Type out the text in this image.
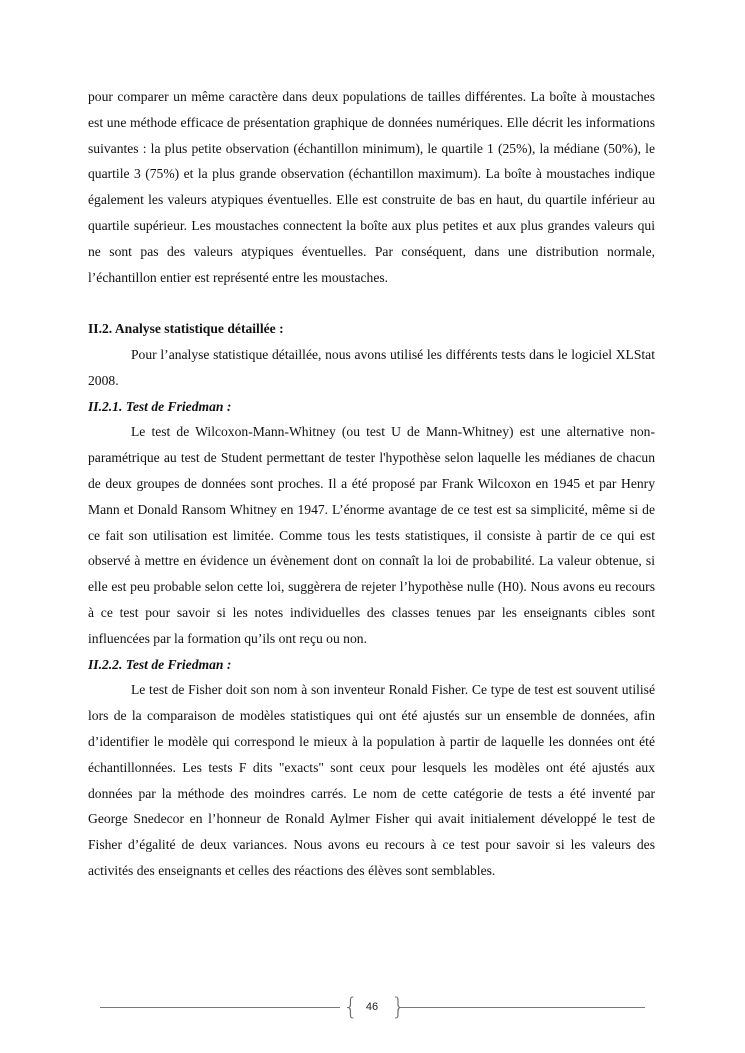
pour comparer un même caractère dans deux populations de tailles différentes. La boîte à moustaches est une méthode efficace de présentation graphique de données numériques. Elle décrit les informations suivantes : la plus petite observation (échantillon minimum), le quartile 1 (25%), la médiane (50%), le quartile 3 (75%) et la plus grande observation (échantillon maximum). La boîte à moustaches indique également les valeurs atypiques éventuelles. Elle est construite de bas en haut, du quartile inférieur au quartile supérieur. Les moustaches connectent la boîte aux plus petites et aux plus grandes valeurs qui ne sont pas des valeurs atypiques éventuelles. Par conséquent, dans une distribution normale, l’échantillon entier est représenté entre les moustaches.

II.2. Analyse statistique détaillée :

Pour l’analyse statistique détaillée, nous avons utilisé les différents tests dans le logiciel XLStat 2008.

II.2.1. Test de Friedman :

Le test de Wilcoxon-Mann-Whitney (ou test U de Mann-Whitney) est une alternative non-paramétrique au test de Student permettant de tester l'hypothèse selon laquelle les médianes de chacun de deux groupes de données sont proches. Il a été proposé par Frank Wilcoxon en 1945 et par Henry Mann et Donald Ransom Whitney en 1947. L’énorme avantage de ce test est sa simplicité, même si de ce fait son utilisation est limitée. Comme tous les tests statistiques, il consiste à partir de ce qui est observé à mettre en évidence un évènement dont on connaît la loi de probabilité. La valeur obtenue, si elle est peu probable selon cette loi, suggèrera de rejeter l’hypothèse nulle (H0). Nous avons eu recours à ce test pour savoir si les notes individuelles des classes tenues par les enseignants cibles sont influencées par la formation qu’ils ont reçu ou non.

II.2.2. Test de Friedman :

Le test de Fisher doit son nom à son inventeur Ronald Fisher. Ce type de test est souvent utilisé lors de la comparaison de modèles statistiques qui ont été ajustés sur un ensemble de données, afin d’identifier le modèle qui correspond le mieux à la population à partir de laquelle les données ont été échantillonnées. Les tests F dits "exacts" sont ceux pour lesquels les modèles ont été ajustés aux données par la méthode des moindres carrés. Le nom de cette catégorie de tests a été inventé par George Snedecor en l’honneur de Ronald Aylmer Fisher qui avait initialement développé le test de Fisher d’égalité de deux variances. Nous avons eu recours à ce test pour savoir si les valeurs des activités des enseignants et celles des réactions des élèves sont semblables.

{ 46 }
